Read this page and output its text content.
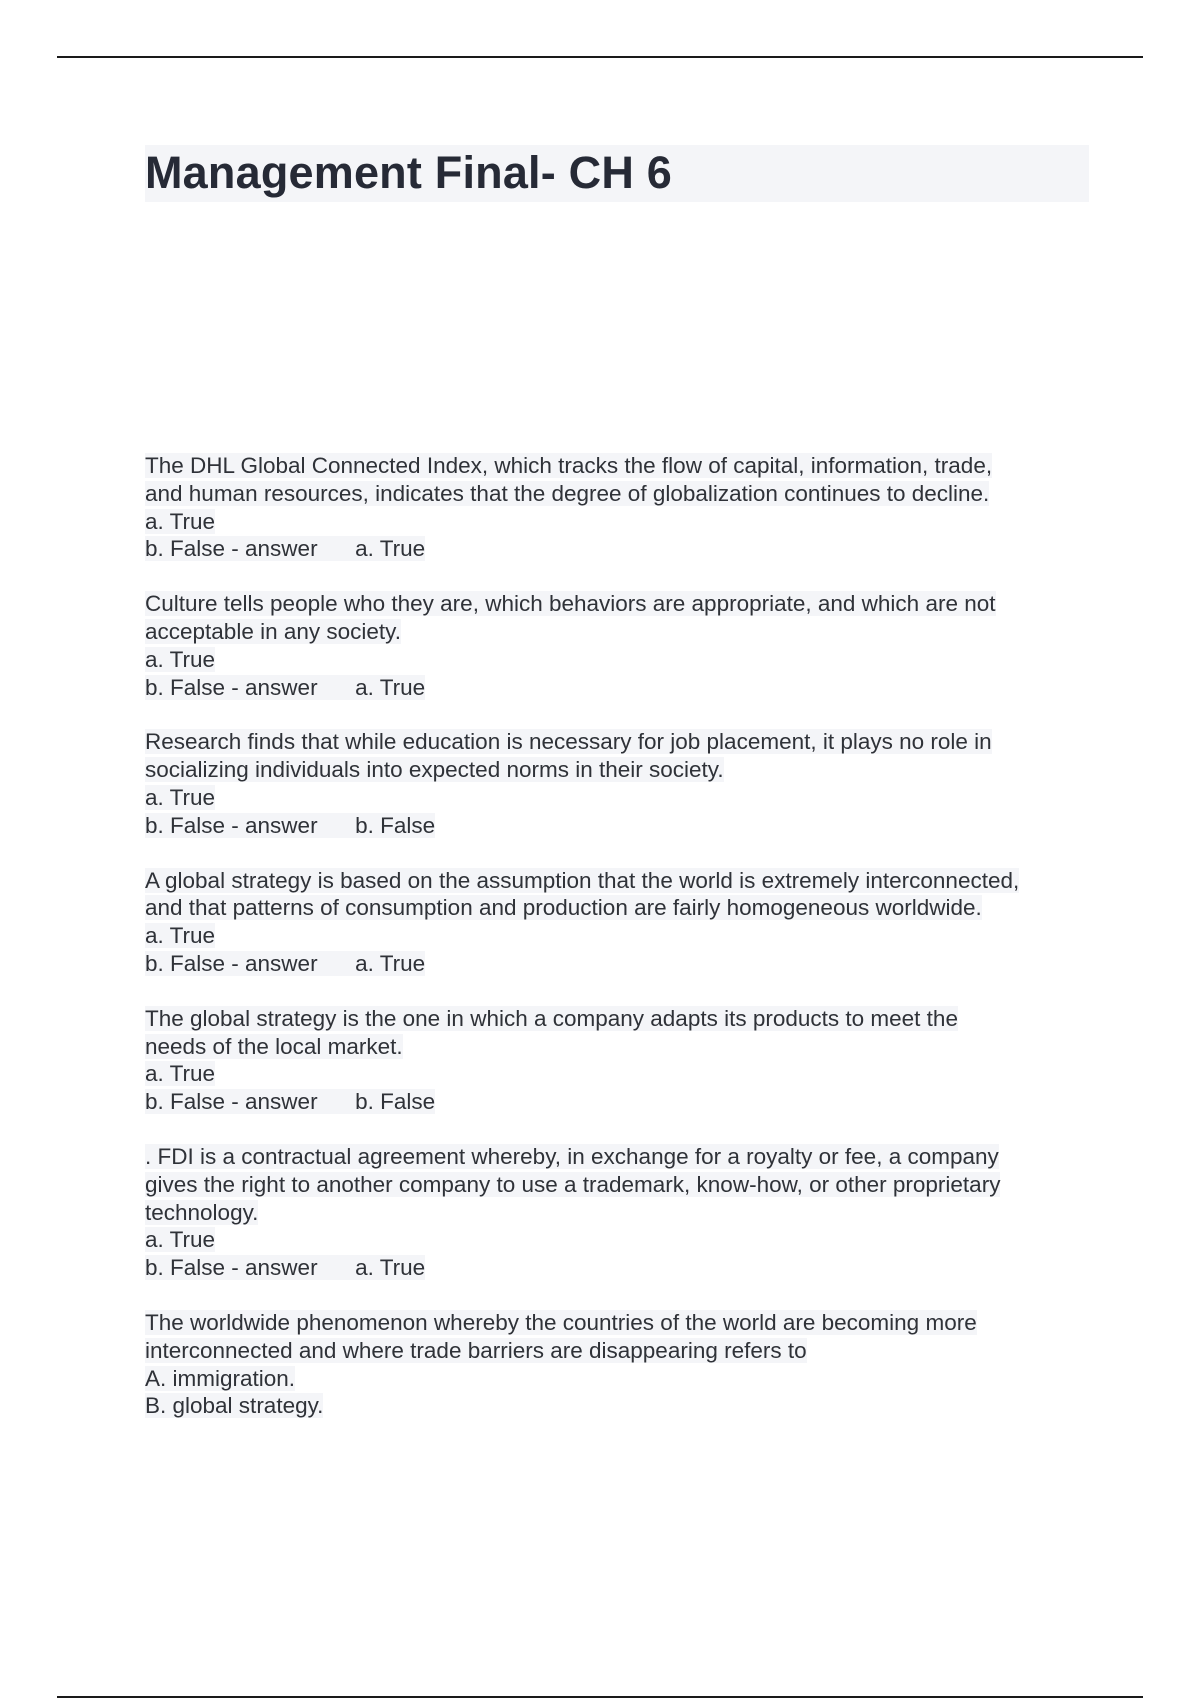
Management Final- CH 6
The DHL Global Connected Index, which tracks the flow of capital, information, trade,
and human resources, indicates that the degree of globalization continues to decline.
a. True
b. False - answer a. True
Culture tells people who they are, which behaviors are appropriate, and which are not
acceptable in any society.
a. True
b. False - answer a. True
Research finds that while education is necessary for job placement, it plays no role in
socializing individuals into expected norms in their society.
a. True
b. False - answer b. False
A global strategy is based on the assumption that the world is extremely interconnected,
and that patterns of consumption and production are fairly homogeneous worldwide.
a. True
b. False - answer a. True
The global strategy is the one in which a company adapts its products to meet the
needs of the local market.
a. True
b. False - answer b. False
. FDI is a contractual agreement whereby, in exchange for a royalty or fee, a company
gives the right to another company to use a trademark, know-how, or other proprietary
technology.
a. True
b. False - answer a. True
The worldwide phenomenon whereby the countries of the world are becoming more
interconnected and where trade barriers are disappearing refers to
A. immigration.
B. global strategy.
